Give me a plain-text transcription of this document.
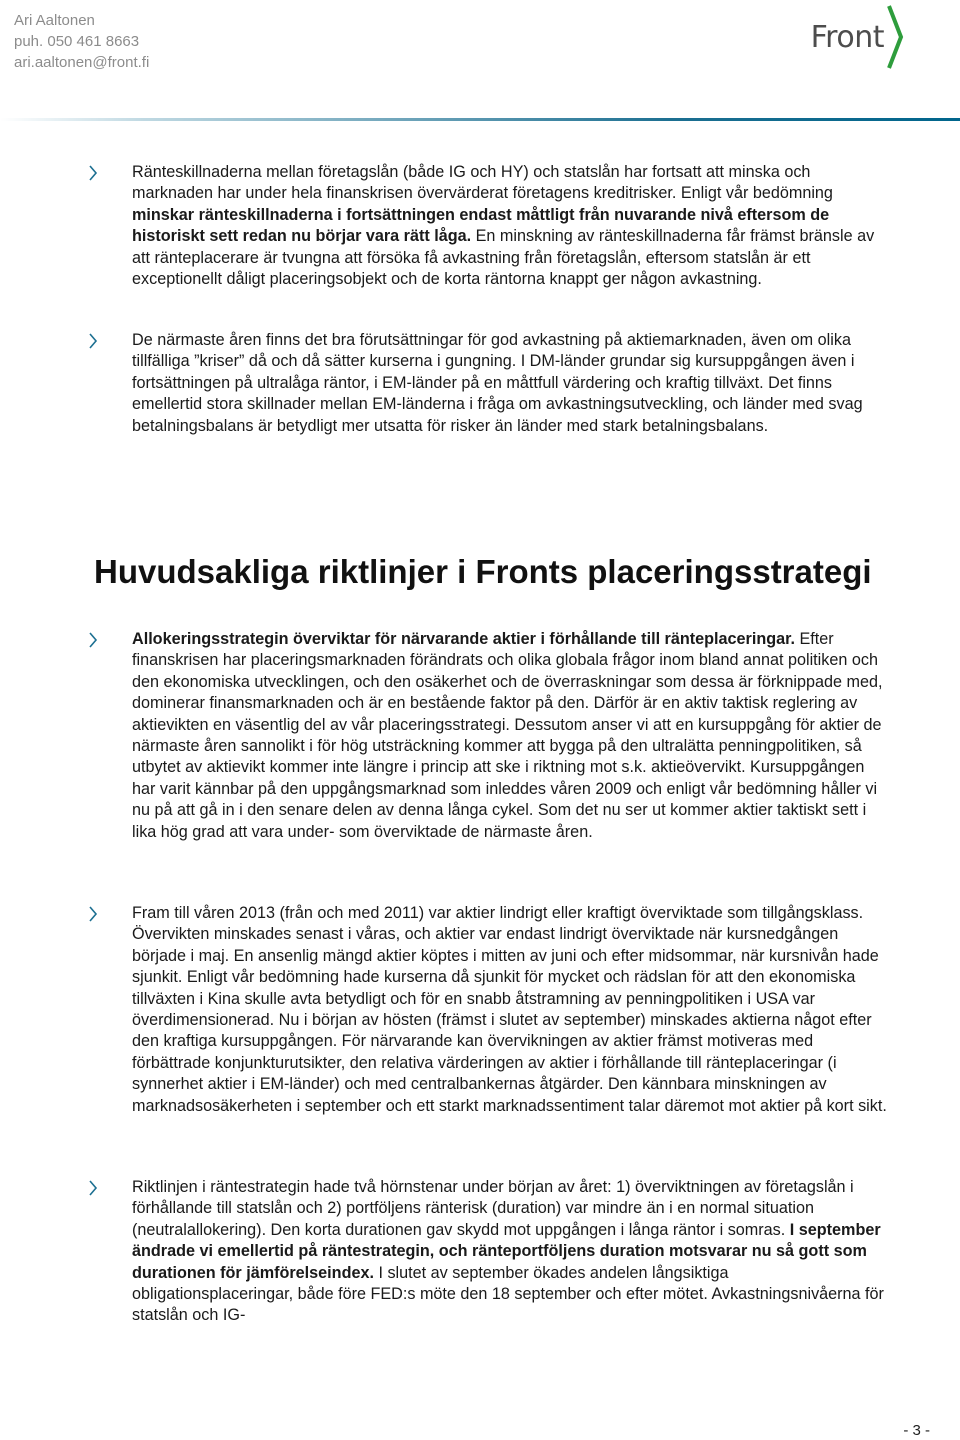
Ari Aaltonen
puh. 050 461 8663
ari.aaltonen@front.fi
Front
Ränteskillnaderna mellan företagslån (både IG och HY) och statslån har fortsatt att minska och marknaden har under hela finanskrisen övervärderat företagens kreditrisker. Enligt vår bedömning minskar ränteskillnaderna i fortsättningen endast måttligt från nuvarande nivå eftersom de historiskt sett redan nu börjar vara rätt låga. En minskning av ränteskillnaderna får främst bränsle av att ränteplacerare är tvungna att försöka få avkastning från företagslån, eftersom statslån är ett exceptionellt dåligt placeringsobjekt och de korta räntorna knappt ger någon avkastning.
De närmaste åren finns det bra förutsättningar för god avkastning på aktiemarknaden, även om olika tillfälliga ”kriser” då och då sätter kurserna i gungning. I DM-länder grundar sig kursuppgången även i fortsättningen på ultralåga räntor, i EM-länder på en måttfull värdering och kraftig tillväxt. Det finns emellertid stora skillnader mellan EM-länderna i fråga om avkastningsutveckling, och länder med svag betalningsbalans är betydligt mer utsatta för risker än länder med stark betalningsbalans.
Huvudsakliga riktlinjer i Fronts placeringsstrategi
Allokeringsstrategin överviktar för närvarande aktier i förhållande till ränteplaceringar. Efter finanskrisen har placeringsmarknaden förändrats och olika globala frågor inom bland annat politiken och den ekonomiska utvecklingen, och den osäkerhet och de överraskningar som dessa är förknippade med, dominerar finansmarknaden och är en bestående faktor på den. Därför är en aktiv taktisk reglering av aktievikten en väsentlig del av vår placeringsstrategi. Dessutom anser vi att en kursuppgång för aktier de närmaste åren sannolikt i för hög utsträckning kommer att bygga på den ultralätta penningpolitiken, så utbytet av aktievikt kommer inte längre i princip att ske i riktning mot s.k. aktieövervikt. Kursuppgången har varit kännbar på den uppgångsmarknad som inleddes våren 2009 och enligt vår bedömning håller vi nu på att gå in i den senare delen av denna långa cykel. Som det nu ser ut kommer aktier taktiskt sett i lika hög grad att vara under- som överviktade de närmaste åren.
Fram till våren 2013 (från och med 2011) var aktier lindrigt eller kraftigt överviktade som tillgångsklass. Övervikten minskades senast i våras, och aktier var endast lindrigt överviktade när kursnedgången började i maj. En ansenlig mängd aktier köptes i mitten av juni och efter midsommar, när kursnivån hade sjunkit. Enligt vår bedömning hade kurserna då sjunkit för mycket och rädslan för att den ekonomiska tillväxten i Kina skulle avta betydligt och för en snabb åtstramning av penningpolitiken i USA var överdimensionerad. Nu i början av hösten (främst i slutet av september) minskades aktierna något efter den kraftiga kursuppgången. För närvarande kan övervikningen av aktier främst motiveras med förbättrade konjunkturutsikter, den relativa värderingen av aktier i förhållande till ränteplaceringar (i synnerhet aktier i EM-länder) och med centralbankernas åtgärder. Den kännbara minskningen av marknadsosäkerheten i september och ett starkt marknadssentiment talar däremot mot aktier på kort sikt.
Riktlinjen i räntestrategin hade två hörnstenar under början av året: 1) överviktningen av företagslån i förhållande till statslån och 2) portföljens ränterisk (duration) var mindre än i en normal situation (neutralallokering). Den korta durationen gav skydd mot uppgången i långa räntor i somras. I september ändrade vi emellertid på räntestrategin, och ränteportföljens duration motsvarar nu så gott som durationen för jämförelseindex. I slutet av september ökades andelen långsiktiga obligationsplaceringar, både före FED:s möte den 18 september och efter mötet. Avkastningsnivåerna för statslån och IG-
- 3 -
